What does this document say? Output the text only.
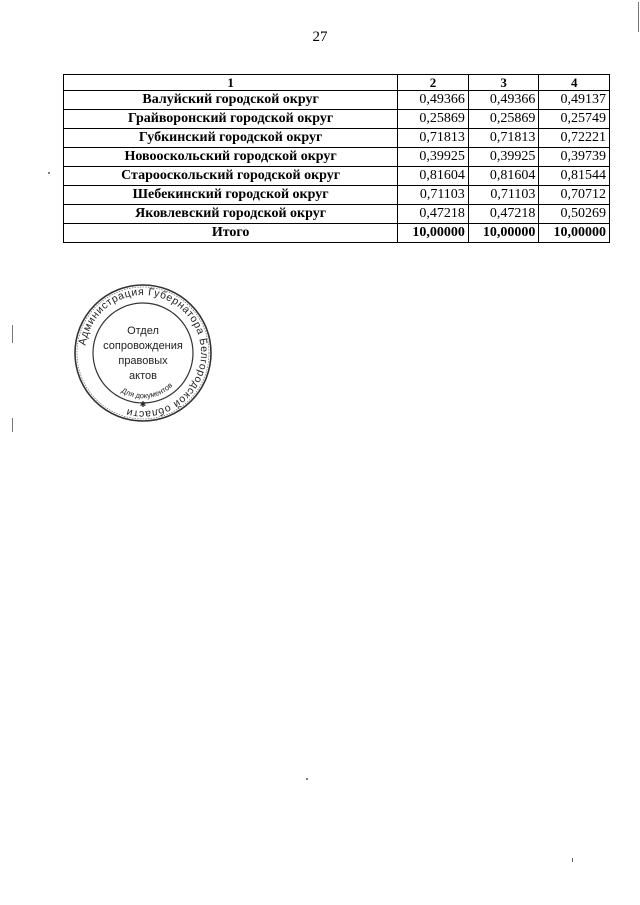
27
1	2	3	4
Валуйский городской округ	0,49366	0,49366	0,49137
Грайворонский городской округ	0,25869	0,25869	0,25749
Губкинский городской округ	0,71813	0,71813	0,72221
Новооскольский городской округ	0,39925	0,39925	0,39739
Старооскольский городской округ	0,81604	0,81604	0,81544
Шебекинский городской округ	0,71103	0,71103	0,70712
Яковлевский городской округ	0,47218	0,47218	0,50269
Итого	10,00000	10,00000	10,00000
Администрация Губернатора Белгородской области
Для документов
✱
Отдел
сопровождения
правовых
актов
